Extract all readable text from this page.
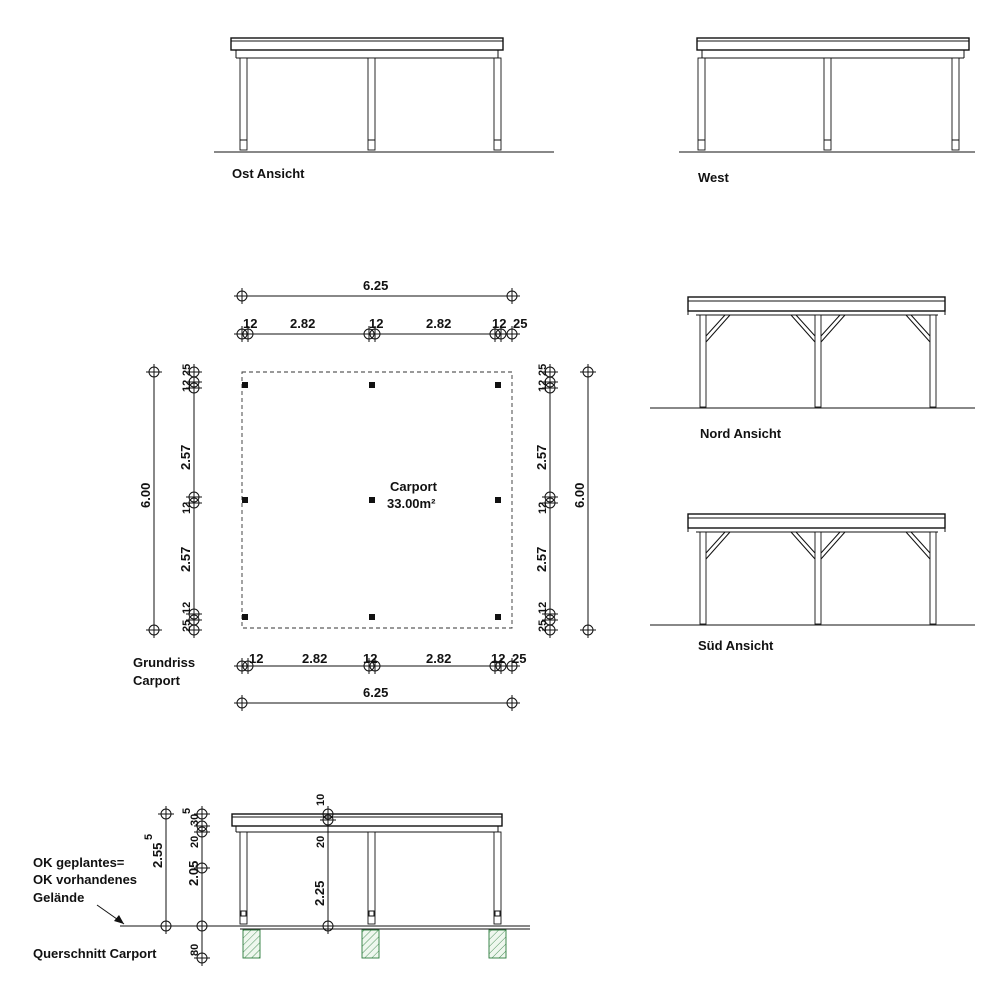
Ost Ansicht	West
Nord Ansicht
Süd Ansicht
Carport
33.00m²
Grundriss
Carport
6.25
12	2.82	12	2.82	12 25
12	2.82	12	2.82	12 25
6.25
6.00
25
12
2.57
12
2.57
12
25
25
12
2.57
12
2.57
12
25
6.00
2.55
5
30
5
20
2.05
80
10
20
2.25
OK geplantes=
OK vorhandenes
Gelände
Querschnitt Carport
